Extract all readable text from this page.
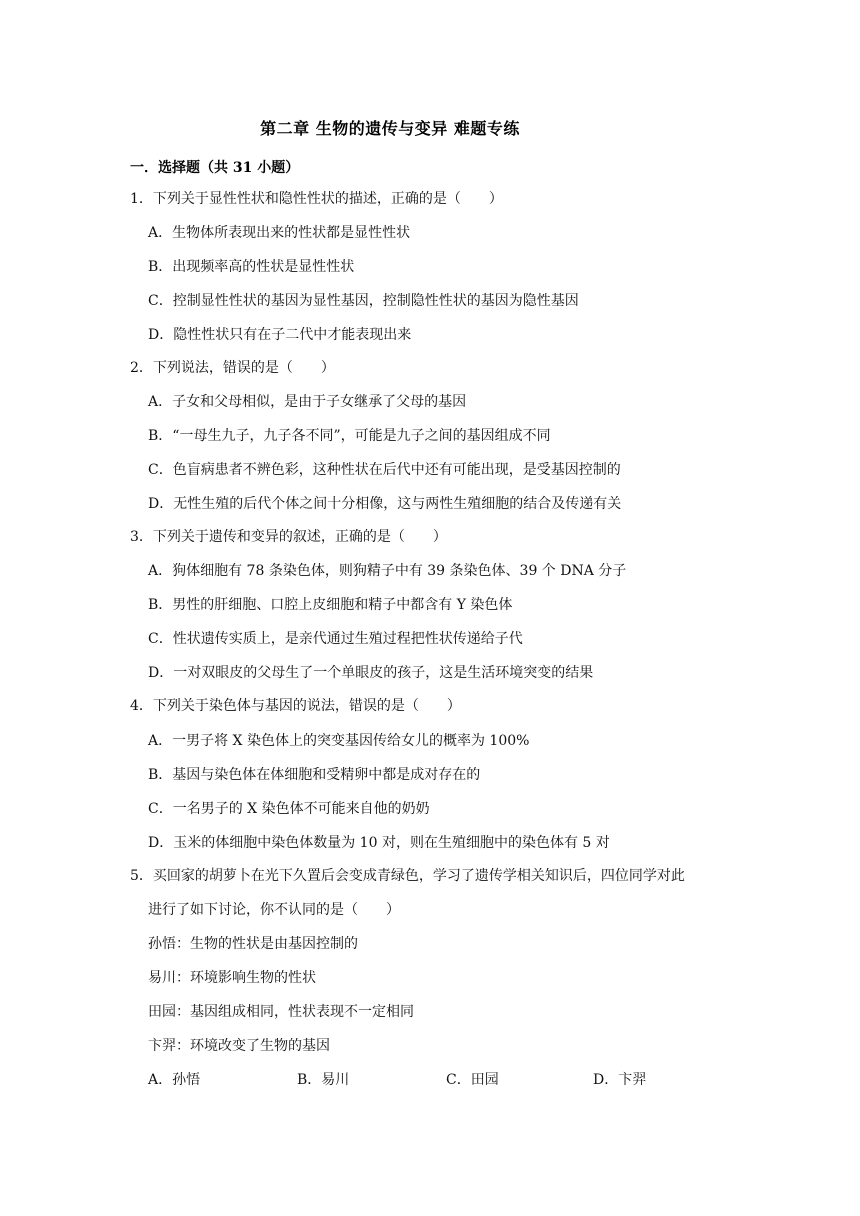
第二章 生物的遗传与变异 难题专练
一．选择题（共 31 小题）
1．下列关于显性性状和隐性性状的描述，正确的是（　　）
A．生物体所表现出来的性状都是显性性状
B．出现频率高的性状是显性性状
C．控制显性性状的基因为显性基因，控制隐性性状的基因为隐性基因
D．隐性性状只有在子二代中才能表现出来
2．下列说法，错误的是（　　）
A．子女和父母相似，是由于子女继承了父母的基因
B．“一母生九子，九子各不同”，可能是九子之间的基因组成不同
C．色盲病患者不辨色彩，这种性状在后代中还有可能出现，是受基因控制的
D．无性生殖的后代个体之间十分相像，这与两性生殖细胞的结合及传递有关
3．下列关于遗传和变异的叙述，正确的是（　　）
A．狗体细胞有 78 条染色体，则狗精子中有 39 条染色体、39 个 DNA 分子
B．男性的肝细胞、口腔上皮细胞和精子中都含有 Y 染色体
C．性状遗传实质上，是亲代通过生殖过程把性状传递给子代
D．一对双眼皮的父母生了一个单眼皮的孩子，这是生活环境突变的结果
4．下列关于染色体与基因的说法，错误的是（　　）
A．一男子将 X 染色体上的突变基因传给女儿的概率为 100%
B．基因与染色体在体细胞和受精卵中都是成对存在的
C．一名男子的 X 染色体不可能来自他的奶奶
D．玉米的体细胞中染色体数量为 10 对，则在生殖细胞中的染色体有 5 对
5．买回家的胡萝卜在光下久置后会变成青绿色，学习了遗传学相关知识后，四位同学对此
进行了如下讨论，你不认同的是（　　）
孙悟：生物的性状是由基因控制的
易川：环境影响生物的性状
田园：基因组成相同，性状表现不一定相同
卞羿：环境改变了生物的基因
A．孙悟	B．易川	C．田园	D．卞羿
